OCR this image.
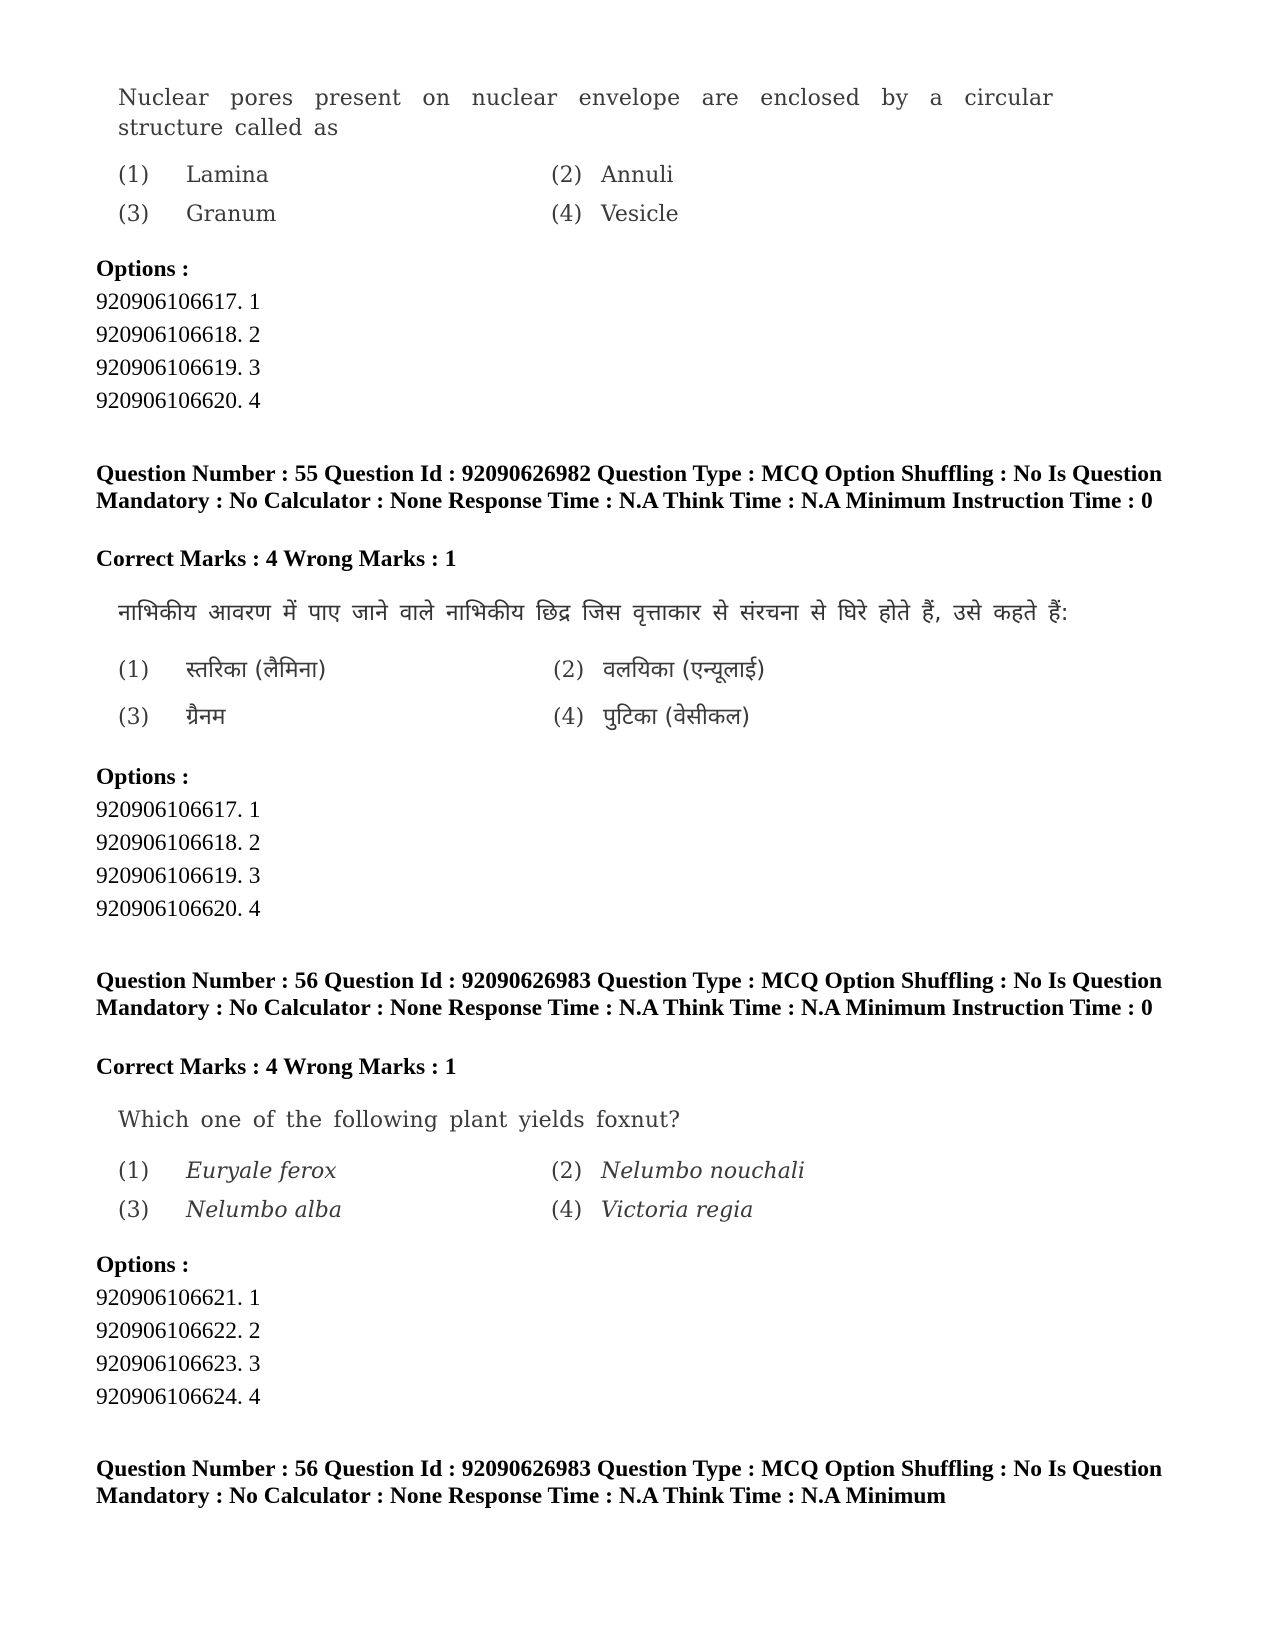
Nuclear pores present on nuclear envelope are enclosed by a circular structure called as

(1) Lamina	(2) Annuli
(3) Granum	(4) Vesicle
Options :
920906106617. 1
920906106618. 2
920906106619. 3
920906106620. 4
Question Number : 55 Question Id : 92090626982 Question Type : MCQ Option Shuffling : No Is Question Mandatory : No Calculator : None Response Time : N.A Think Time : N.A Minimum Instruction Time : 0
Correct Marks : 4 Wrong Marks : 1

नाभिकीय आवरण में पाए जाने वाले नाभिकीय छिद्र जिस वृत्ताकार से संरचना से घिरे होते हैं, उसे कहते हैं:

(1) स्तरिका (लैमिना)	(2) वलयिका (एन्यूलाई)
(3) ग्रैनम	(4) पुटिका (वेसीकल)
Options :
920906106617. 1
920906106618. 2
920906106619. 3
920906106620. 4
Question Number : 56 Question Id : 92090626983 Question Type : MCQ Option Shuffling : No Is Question Mandatory : No Calculator : None Response Time : N.A Think Time : N.A Minimum Instruction Time : 0
Correct Marks : 4 Wrong Marks : 1

Which one of the following plant yields foxnut?

(1) Euryale ferox	(2) Nelumbo nouchali
(3) Nelumbo alba	(4) Victoria regia
Options :
920906106621. 1
920906106622. 2
920906106623. 3
920906106624. 4
Question Number : 56 Question Id : 92090626983 Question Type : MCQ Option Shuffling : No Is Question Mandatory : No Calculator : None Response Time : N.A Think Time : N.A Minimum
